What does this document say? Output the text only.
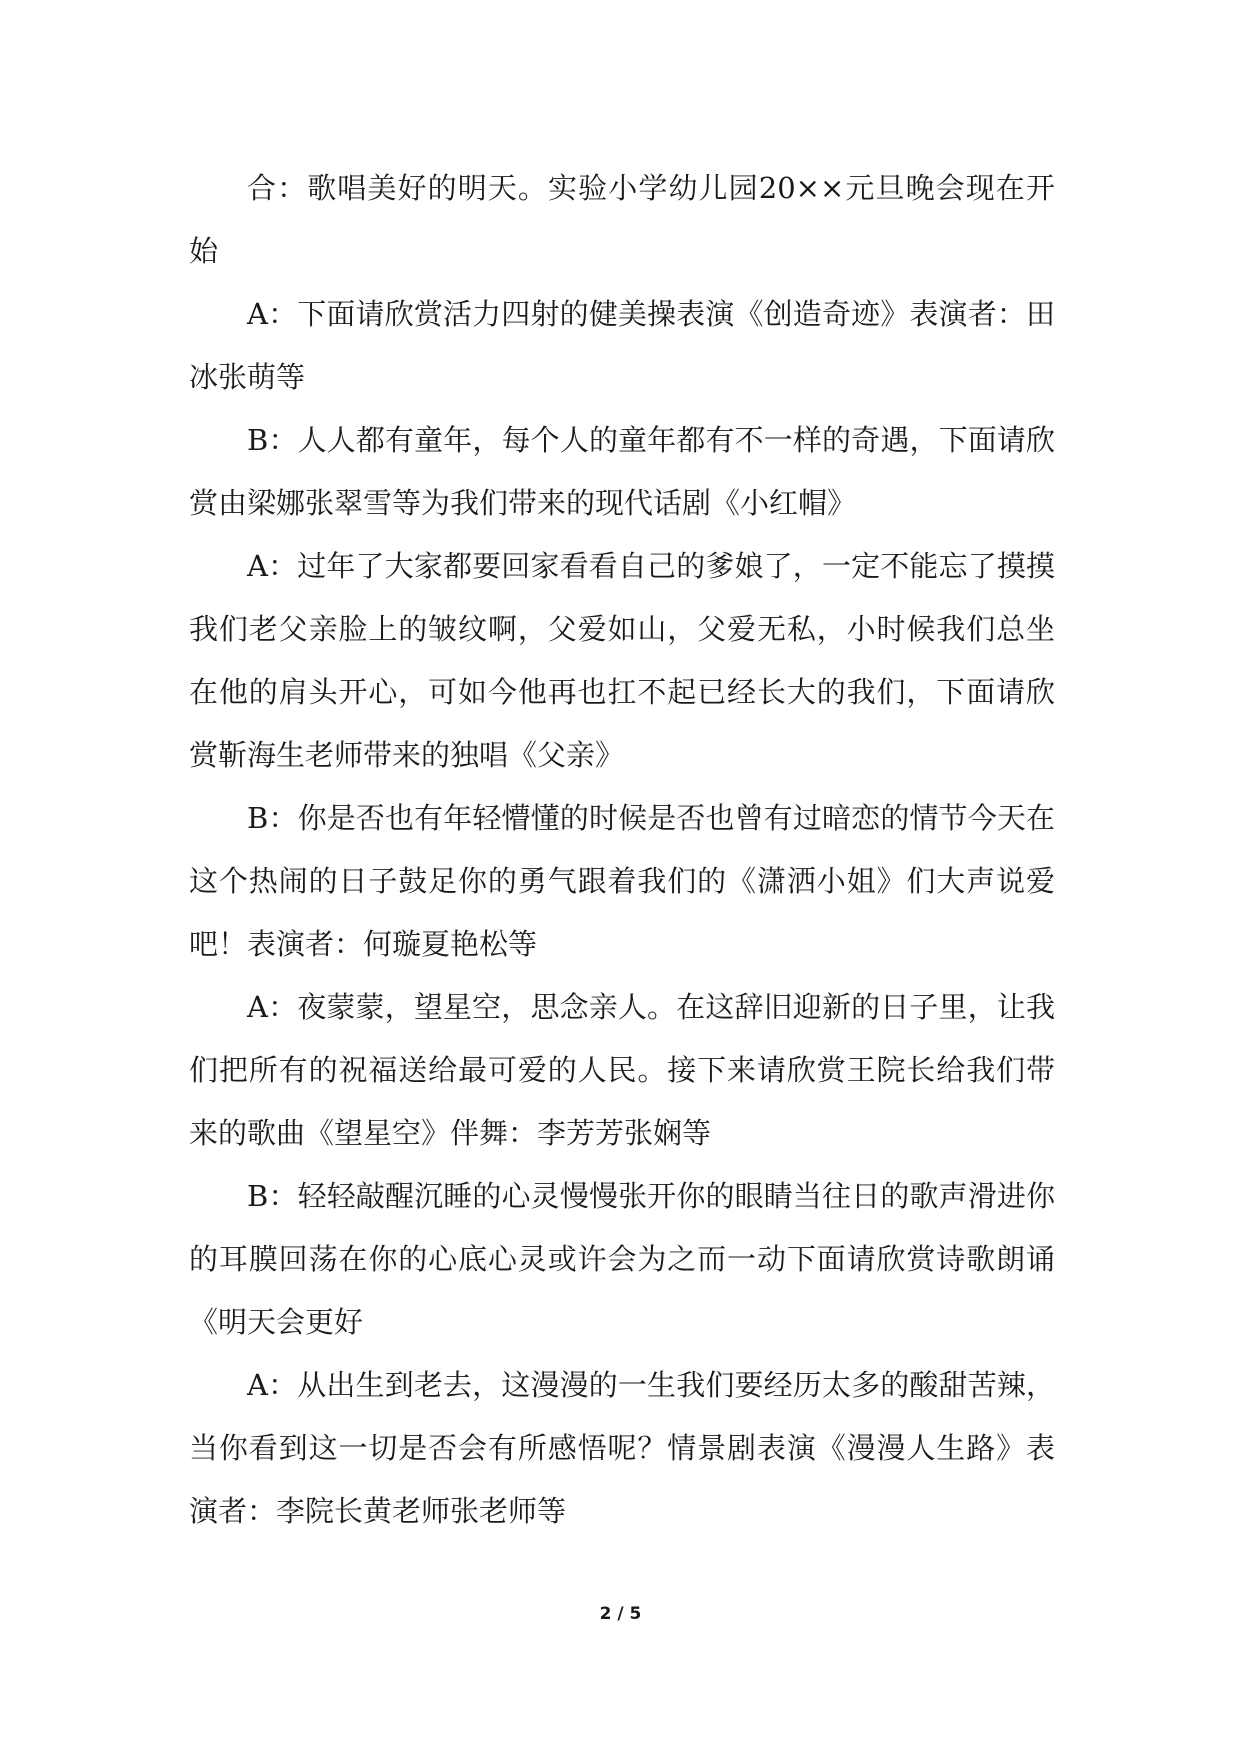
合：歌唱美好的明天。实验小学幼儿园20××元旦晚会现在开始

A：下面请欣赏活力四射的健美操表演《创造奇迹》表演者：田冰张萌等

B：人人都有童年，每个人的童年都有不一样的奇遇，下面请欣赏由梁娜张翠雪等为我们带来的现代话剧《小红帽》

A：过年了大家都要回家看看自己的爹娘了，一定不能忘了摸摸我们老父亲脸上的皱纹啊，父爱如山，父爱无私，小时候我们总坐在他的肩头开心，可如今他再也扛不起已经长大的我们，下面请欣赏靳海生老师带来的独唱《父亲》

B：你是否也有年轻懵懂的时候是否也曾有过暗恋的情节今天在这个热闹的日子鼓足你的勇气跟着我们的《潇洒小姐》们大声说爱吧！表演者：何璇夏艳松等

A：夜蒙蒙，望星空，思念亲人。在这辞旧迎新的日子里，让我们把所有的祝福送给最可爱的人民。接下来请欣赏王院长给我们带来的歌曲《望星空》伴舞：李芳芳张娴等

B：轻轻敲醒沉睡的心灵慢慢张开你的眼睛当往日的歌声滑进你的耳膜回荡在你的心底心灵或许会为之而一动下面请欣赏诗歌朗诵《明天会更好

A：从出生到老去，这漫漫的一生我们要经历太多的酸甜苦辣，当你看到这一切是否会有所感悟呢？情景剧表演《漫漫人生路》表演者：李院长黄老师张老师等

2 / 5
